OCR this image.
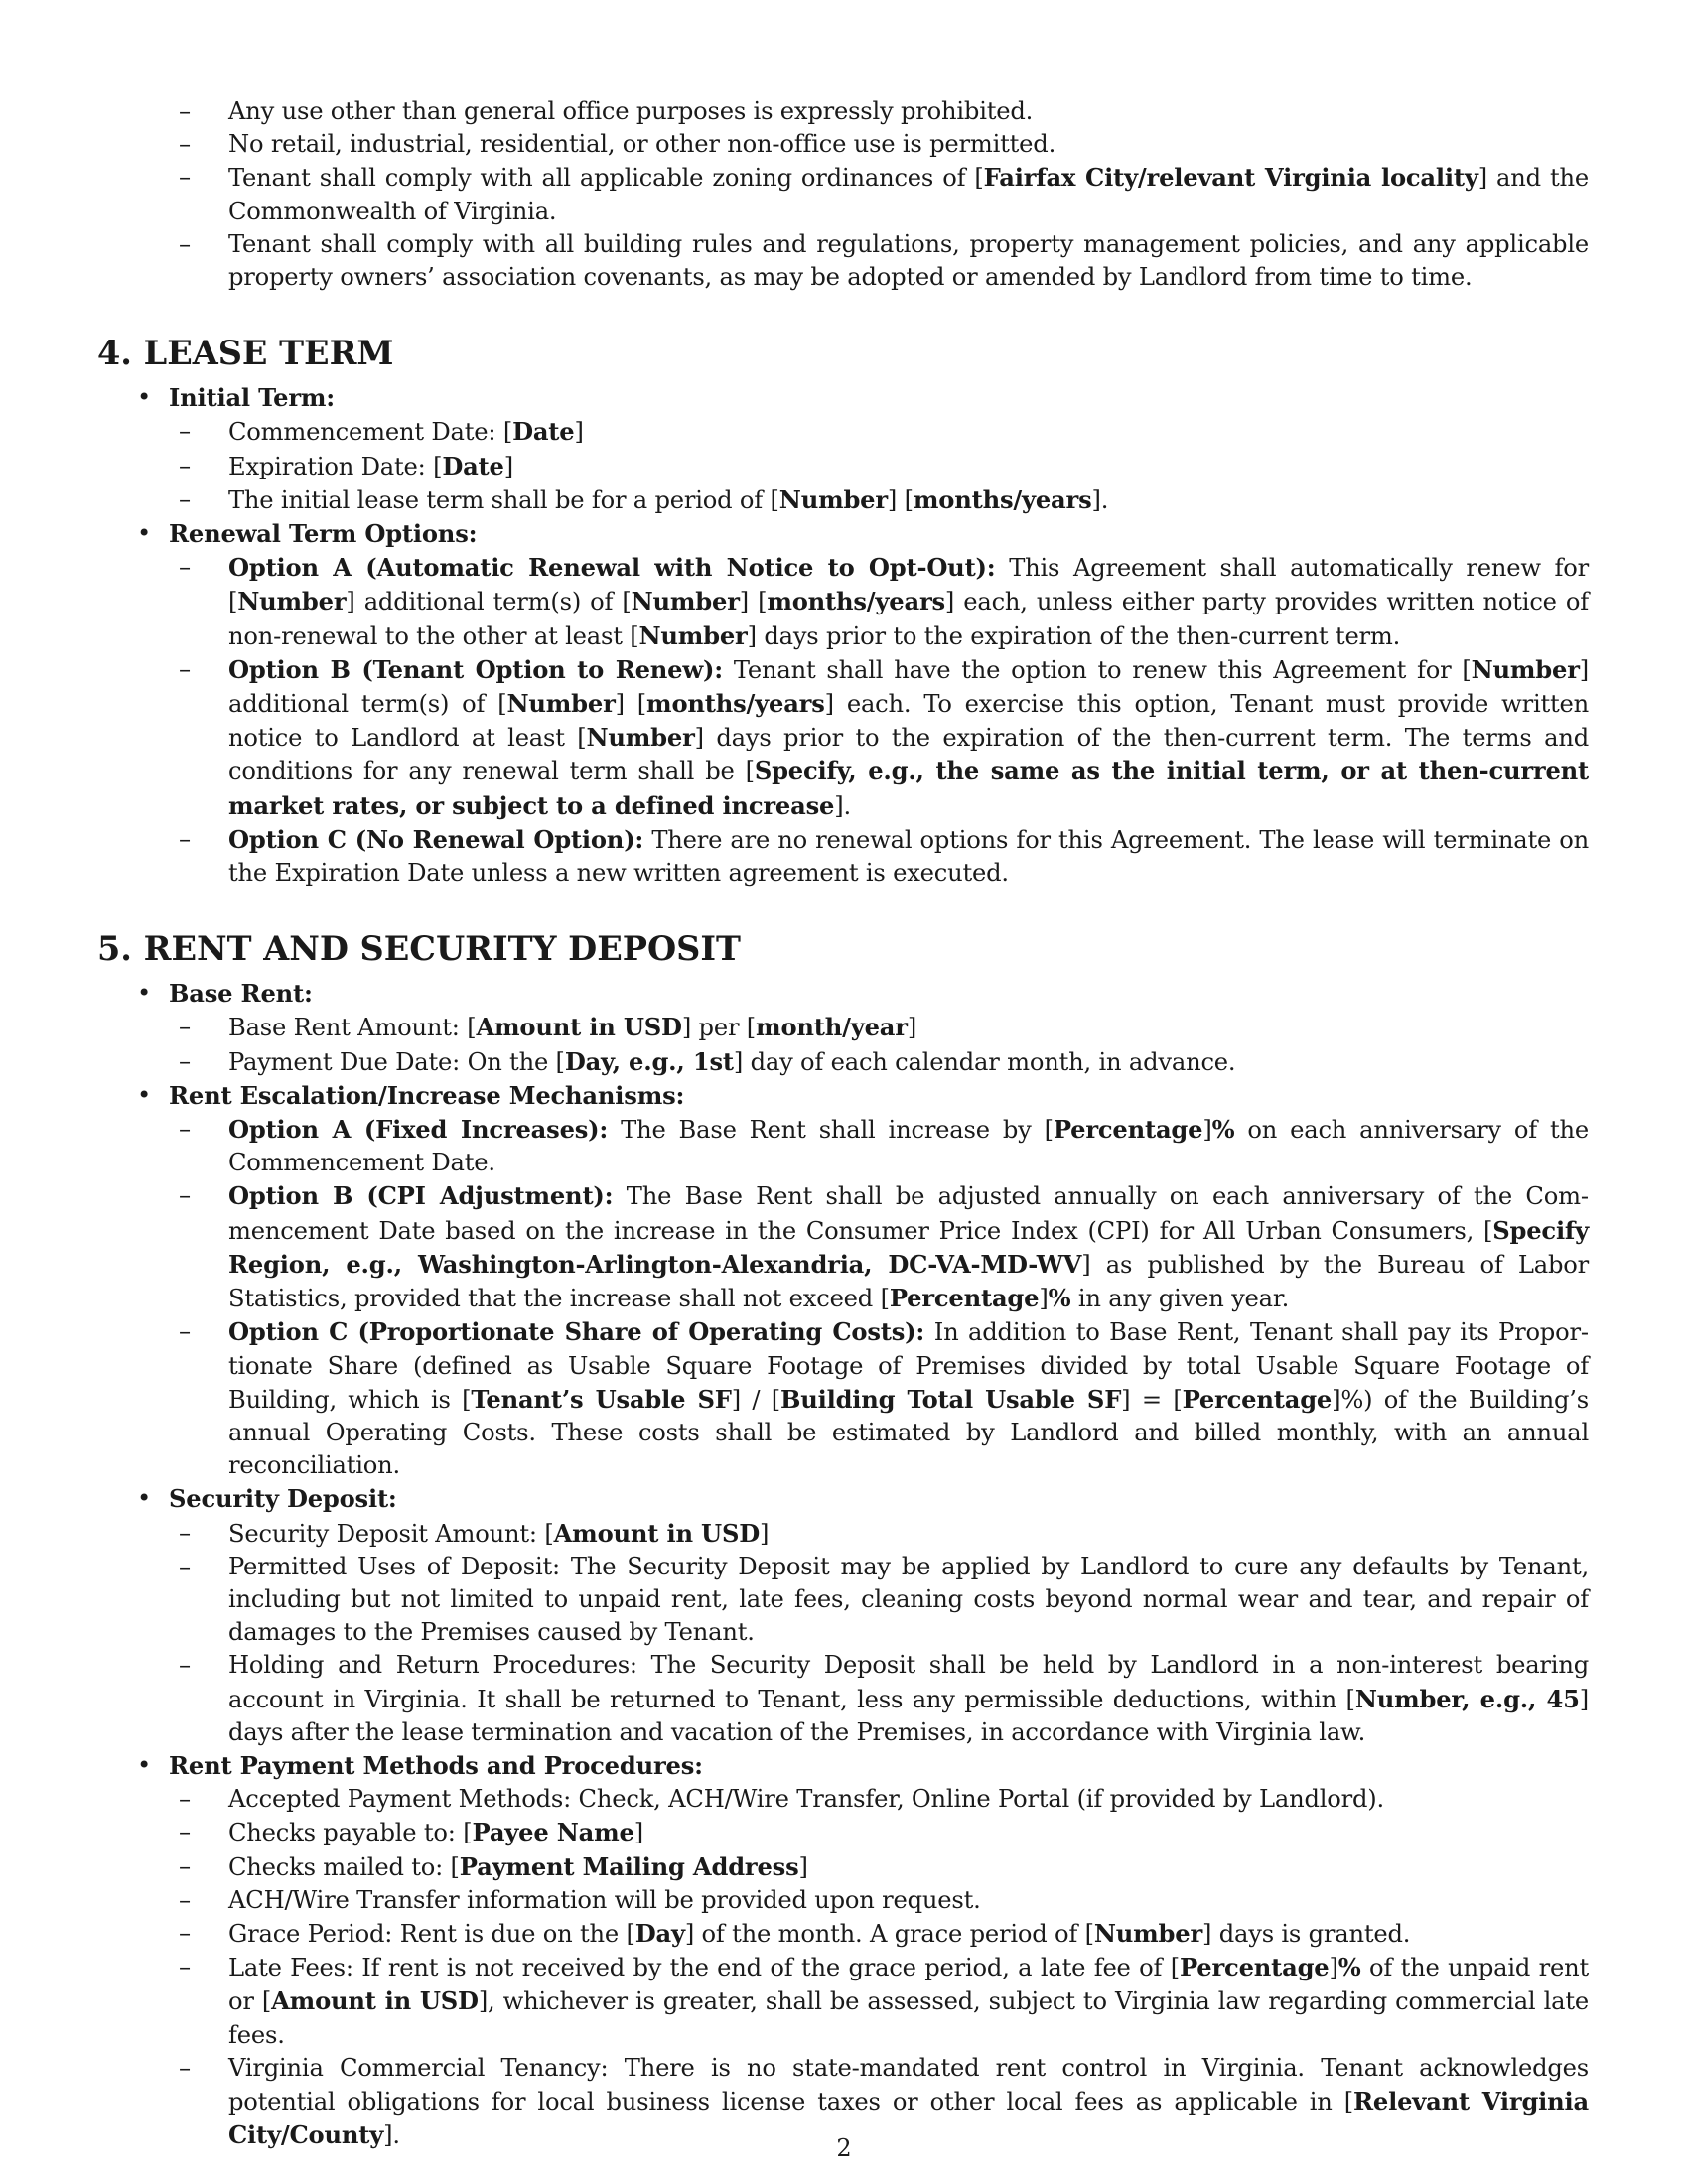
– Any use other than general office purposes is expressly prohibited.
– No retail, industrial, residential, or other non-office use is permitted.
– Tenant shall comply with all applicable zoning ordinances of [Fairfax City/relevant Virginia locality] and the Commonwealth of Virginia.
– Tenant shall comply with all building rules and regulations, property management policies, and any applicable property owners’ association covenants, as may be adopted or amended by Landlord from time to time.
4. LEASE TERM
• Initial Term:
– Commencement Date: [Date]
– Expiration Date: [Date]
– The initial lease term shall be for a period of [Number] [months/years].
• Renewal Term Options:
– Option A (Automatic Renewal with Notice to Opt-Out): This Agreement shall automatically renew for [Number] additional term(s) of [Number] [months/years] each, unless either party provides written notice of non-renewal to the other at least [Number] days prior to the expiration of the then-current term.
– Option B (Tenant Option to Renew): Tenant shall have the option to renew this Agreement for [Number] additional term(s) of [Number] [months/years] each. To exercise this option, Tenant must provide written notice to Landlord at least [Number] days prior to the expiration of the then-current term. The terms and conditions for any renewal term shall be [Specify, e.g., the same as the initial term, or at then-current market rates, or subject to a defined increase].
– Option C (No Renewal Option): There are no renewal options for this Agreement. The lease will terminate on the Expiration Date unless a new written agreement is executed.
5. RENT AND SECURITY DEPOSIT
• Base Rent:
– Base Rent Amount: [Amount in USD] per [month/year]
– Payment Due Date: On the [Day, e.g., 1st] day of each calendar month, in advance.
• Rent Escalation/Increase Mechanisms:
– Option A (Fixed Increases): The Base Rent shall increase by [Percentage]% on each anniversary of the Commencement Date.
– Option B (CPI Adjustment): The Base Rent shall be adjusted annually on each anniversary of the Commencement Date based on the increase in the Consumer Price Index (CPI) for All Urban Consumers, [Specify Region, e.g., Washington-Arlington-Alexandria, DC-VA-MD-WV] as published by the Bureau of Labor Statistics, provided that the increase shall not exceed [Percentage]% in any given year.
– Option C (Proportionate Share of Operating Costs): In addition to Base Rent, Tenant shall pay its Proportionate Share (defined as Usable Square Footage of Premises divided by total Usable Square Footage of Building, which is [Tenant’s Usable SF] / [Building Total Usable SF] = [Percentage]%) of the Building’s annual Operating Costs. These costs shall be estimated by Landlord and billed monthly, with an annual reconciliation.
• Security Deposit:
– Security Deposit Amount: [Amount in USD]
– Permitted Uses of Deposit: The Security Deposit may be applied by Landlord to cure any defaults by Tenant, including but not limited to unpaid rent, late fees, cleaning costs beyond normal wear and tear, and repair of damages to the Premises caused by Tenant.
– Holding and Return Procedures: The Security Deposit shall be held by Landlord in a non-interest bearing account in Virginia. It shall be returned to Tenant, less any permissible deductions, within [Number, e.g., 45] days after the lease termination and vacation of the Premises, in accordance with Virginia law.
• Rent Payment Methods and Procedures:
– Accepted Payment Methods: Check, ACH/Wire Transfer, Online Portal (if provided by Landlord).
– Checks payable to: [Payee Name]
– Checks mailed to: [Payment Mailing Address]
– ACH/Wire Transfer information will be provided upon request.
– Grace Period: Rent is due on the [Day] of the month. A grace period of [Number] days is granted.
– Late Fees: If rent is not received by the end of the grace period, a late fee of [Percentage]% of the unpaid rent or [Amount in USD], whichever is greater, shall be assessed, subject to Virginia law regarding commercial late fees.
– Virginia Commercial Tenancy: There is no state-mandated rent control in Virginia. Tenant acknowledges potential obligations for local business license taxes or other local fees as applicable in [Relevant Virginia City/County].	2
